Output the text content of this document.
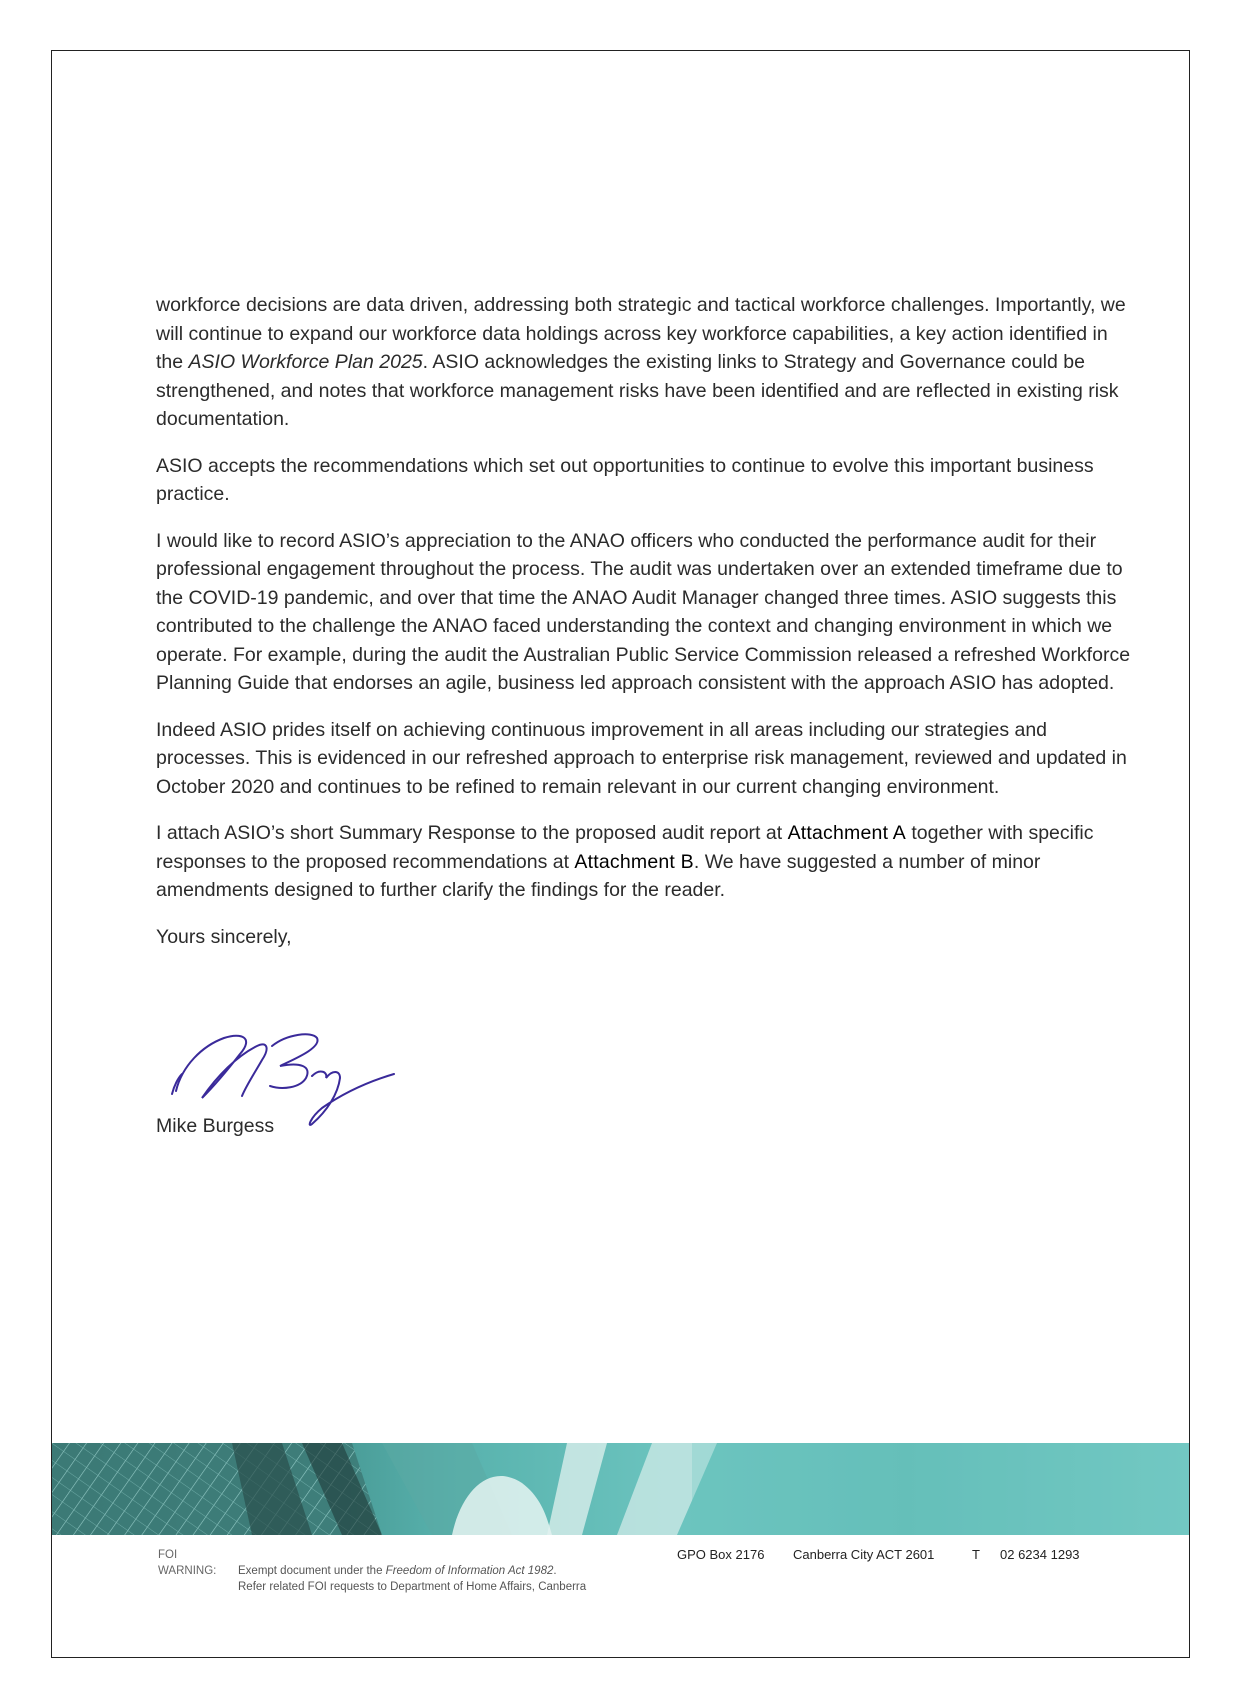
workforce decisions are data driven, addressing both strategic and tactical workforce challenges. Importantly, we will continue to expand our workforce data holdings across key workforce capabilities, a key action identified in the ASIO Workforce Plan 2025. ASIO acknowledges the existing links to Strategy and Governance could be strengthened, and notes that workforce management risks have been identified and are reflected in existing risk documentation.

ASIO accepts the recommendations which set out opportunities to continue to evolve this important business practice.

I would like to record ASIO’s appreciation to the ANAO officers who conducted the performance audit for their professional engagement throughout the process. The audit was undertaken over an extended timeframe due to the COVID-19 pandemic, and over that time the ANAO Audit Manager changed three times. ASIO suggests this contributed to the challenge the ANAO faced understanding the context and changing environment in which we operate. For example, during the audit the Australian Public Service Commission released a refreshed Workforce Planning Guide that endorses an agile, business led approach consistent with the approach ASIO has adopted.

Indeed ASIO prides itself on achieving continuous improvement in all areas including our strategies and processes. This is evidenced in our refreshed approach to enterprise risk management, reviewed and updated in October 2020 and continues to be refined to remain relevant in our current changing environment.

I attach ASIO’s short Summary Response to the proposed audit report at Attachment A together with specific responses to the proposed recommendations at Attachment B. We have suggested a number of minor amendments designed to further clarify the findings for the reader.

Yours sincerely,

Mike Burgess
FOI WARNING: Exempt document under the Freedom of Information Act 1982.
Refer related FOI requests to Department of Home Affairs, Canberra
GPO Box 2176 Canberra City ACT 2601	T 02 6234 1293
